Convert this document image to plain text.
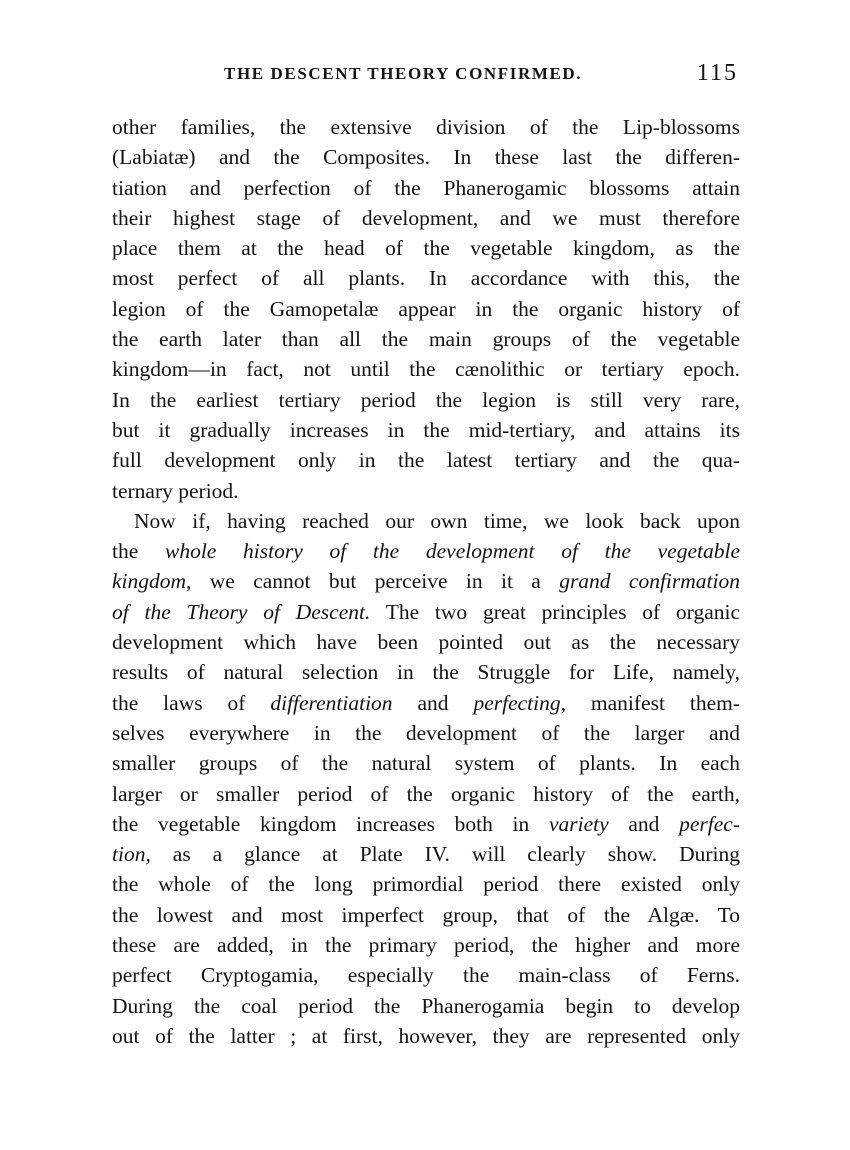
THE DESCENT THEORY CONFIRMED.	115
other families, the extensive division of the Lip-blossoms
(Labiatæ) and the Composites. In these last the differen-
tiation and perfection of the Phanerogamic blossoms attain
their highest stage of development, and we must therefore
place them at the head of the vegetable kingdom, as the
most perfect of all plants. In accordance with this, the
legion of the Gamopetalæ appear in the organic history of
the earth later than all the main groups of the vegetable
kingdom—in fact, not until the cænolithic or tertiary epoch.
In the earliest tertiary period the legion is still very rare,
but it gradually increases in the mid-tertiary, and attains its
full development only in the latest tertiary and the qua-
ternary period.
Now if, having reached our own time, we look back upon
the whole history of the development of the vegetable
kingdom, we cannot but perceive in it a grand confirmation
of the Theory of Descent. The two great principles of organic
development which have been pointed out as the necessary
results of natural selection in the Struggle for Life, namely,
the laws of differentiation and perfecting, manifest them-
selves everywhere in the development of the larger and
smaller groups of the natural system of plants. In each
larger or smaller period of the organic history of the earth,
the vegetable kingdom increases both in variety and perfec-
tion, as a glance at Plate IV. will clearly show. During
the whole of the long primordial period there existed only
the lowest and most imperfect group, that of the Algæ. To
these are added, in the primary period, the higher and more
perfect Cryptogamia, especially the main-class of Ferns.
During the coal period the Phanerogamia begin to develop
out of the latter ; at first, however, they are represented only
